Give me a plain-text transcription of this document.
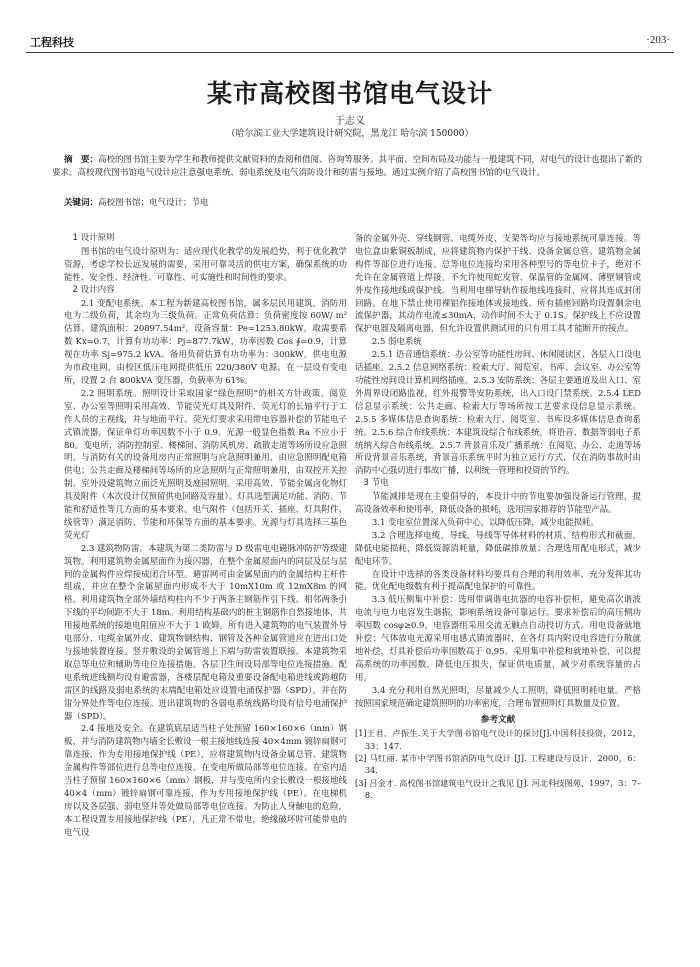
工程科技	·203·
某市高校图书馆电气设计
于志义
（哈尔滨工业大学建筑设计研究院，黑龙江 哈尔滨 150000）
摘　要：高校的图书馆主要为学生和教师提供文献资料的查阅和借阅、咨询等服务。其平面、空间布局及功能与一般建筑不同，对电气的设计也提出了新的要求。高校现代图书馆电气设计应注意强电系统、弱电系统及电气消防设计和防雷与接地。通过实例介绍了高校图书馆的电气设计。
关键词：高校图书馆；电气设计；节电

1 设计原则

图书馆的电气设计原则为：适应现代化教学的发展趋势，利于优化教学资源，考虑学校长远发展的需要，采用可靠灵活的供电方案，确保系统的功能性、安全性、经济性、可靠性、可实施性和时间性的要求。

2 设计内容

2.1 变配电系统。本工程为新建高校图书馆，属多层民用建筑，消防用电为二级负荷，其余均为三级负荷。正常负荷估算：负荷密度按 60W/ m² 估算，建筑面积：20897.54m²，设备容量：Pe=1253.80kW，取需要系数 Kx=0.7，计算有功功率：Pj=877.7kW，功率因数 Cos ∮=0.9，计算视在功率 Sj=975.2 kVA。备用负荷估算有功功率为：300kW。供电电源为市政电网，由校区低压电网提供低压 220/380V 电源。在一层设有变电所，设置 2 台 800kVA 变压器，负载率为 61%。

2.2 照明系统。照明设计采取国家“绿色照明”的相关方针政策，阅览室、办公室等照明采用高效、节能荧光灯具及附件，荧光灯的长轴平行于工作人员的主视线，并与地面平行。荧光灯要求采用带电容器补偿的节能电子式镇流器，保证单灯功率因数不小于 0.9。光源一般显色指数 Ra 不应小于 80。变电所、消防控制室、楼梯间、消防风机房、疏散走道等场所设应急照明。与消防有关的设备用房内正常照明与应急照明兼用，由应急照明配电箱供电；公共走廊及楼梯间等场所的应急照明与正常照明兼用，由双控开关控制。室外设建筑物立面泛光照明及庭园照明。采用高效、节能金属卤化物灯具及附件（本次设计仅预留供电回路及容量）。灯具选型满足功能、消防、节能和舒适性等几方面的基本要求。电气附件（包括开关、插座、灯具附件、线管等）满足消防、节能和环保等方面的基本要求。光源与灯具选择三基色荧光灯

2.3 建筑物防雷。本建筑为第二类防雷与 D 级雷电电磁脉冲防护等级建筑物。利用建筑物金属屋面作为接闪器，在整个金属屋面内的同层及层与层间的金属构件应焊接成闭合环型。避雷网可由金属屋面内的金属结构主杆件组成，并应在整个金属屋面内形成不大于 10mX10m 或 12mX8m 的网格。利用建筑物全部外墙结构柱内不少于两条主钢筋作引下线。相邻两条引下线的平均间距不大于 18m。利用结构基础内的桩主钢筋作自然接地体，共用接地系统的接地电阻值应不大于 1 欧姆。所有进入建筑物的电气装置外导电部分、电缆金属外皮、建筑物钢结构、钢管及各种金属管道应在进出口处与接地装置连接。竖井敷设的金属管道上下端与防雷装置联接。本建筑物采取总等电位和辅助等电位连接措施。各层卫生间设局部等电位连接措施。配电系统进线侧均设有避雷器，各楼层配电箱及重要设备配电箱进线或跨越防雷区的线路及弱电系统的末端配电箱处应设置电涌保护器（SPD）。并在防雷分界处作等电位连接。进出建筑物的各弱电系统线路均设有信号电涌保护器（SPD）。

2.4 接地及安全。在建筑底层适当柱子处预留 160×160×6（mm）钢板，并与消防建筑物内墙全长敷设一根主接地线连接 40×4mm 镀锌扁钢可靠连接，作为专用接地保护线（PE），应将建筑物内设备金属总管、建筑物金属构件等部位进行总等电位连接，在变电所做局部等电位连接。在室内适当柱子预留 160×160×6（mm）钢板，并与变电所内全长敷设一根接地线 40×4（mm）镀锌扁钢可靠连接，作为专用接地保护线（PE）。在电梯机房以及各层强、弱电竖井等处做局部等电位连接。为防止人身触电的危险，本工程设置专用接地保护线（PE），凡正常不带电，绝缘破坏时可能带电的电气设

备的金属外壳、穿线钢管、电缆外皮、支架等均应与接地系统可靠连接。等电位盒由紫铜板制成，应将建筑物内保护干线、设备金属总管、建筑物金属构件等部位进行连接。总等电位连接均采用各种型号的等电位卡子，绝对不允许在金属管道上焊接。不允许使用蛇皮管、保温管的金属网、薄壁钢管或外皮作接地线或保护线。当利用电梯导轨作接地线连接时，应将其连成封闭回路。在地下禁止使用裸铝作接地体或接地线。所有插座回路均设置剩余电流保护器，其动作电流≤30mA，动作时间不大于 0.1S。保护线上不应设置保护电器及隔离电器，但允许设置供测试用的只有用工具才能断开的接点。

2.5 弱电系统

2.5.1 语音通信系统：办公室等功能性房间、休闲阅读区、各层入口设电话插座。2.5.2 信息网络系统：检索大厅、阅览室、书库、会议室、办公室等功能性房间设计算机网络插座。2.5.3 安防系统：各层主要通道及出入口、室外周界设闭路监视，红外报警等安防系统，出入口设门禁系统。2.5.4 LED 信息显示系统：公共走廊、检索大厅等场所按工艺要求设信息显示系统。2.5.5 多媒体信息查询系统：检索大厅、阅览室、书库设多媒体信息查询系统。2.5.6 综合布线系统：本建筑设综合布线系统，将语音、数据等弱电子系统纳入综合布线系统。2.5.7 背景音乐及广播系统：在阅览、办公、走道等场所设背景音乐系统，背景音乐系统平时为独立运行方式，仅在消防事故时由消防中心强切进行事故广播，以利统一管理和投资的节约。

3 节电

节能减排是现在主要倡导的，本设计中的节电要加强设备运行管理，提高设备效率和使用率，降低设备的损耗，选用国家推荐的节能型产品。

3.1 变电室位置深入负荷中心，以降低压降，减少电能损耗。

3.2 合理选择电缆，导线，导线等导体材料的材质、结构形式和截面，降低电能损耗，降低资源消耗量，降低碳排放量；合理选用配电形式，减少配电环节。

在设计中选择的各类设备材料均要具有合理的利用效率、充分发挥其功能。优化配电级数有利于提高配电保护的可靠性。

3.3 低压侧集中补偿：选用带调谐电抗器的电容补偿柜，避免高次谐波电流与电力电容发生谐振，影响系统设备可靠运行。要求补偿后的高压侧功率因数 cosφ≥0.9，电容器组采用交流无触点自动投切方式。用电设备就地补偿：气体放电光源采用电感式镇流器时，在各灯具内附设电容进行分散就地补偿，灯具补偿后功率因数高于 0.95。采用集中补偿和就地补偿，可以提高系统的功率因数，降低电压损失，保证供电质量，减少对系统容量的占用。

3.4 充分利用自然光照明，尽量减少人工照明，降低照明耗电量。严格按照国家规范确定建筑照明的功率密度，合理布置照明灯具数量及位置。

参考文献

[1]王君，卢振生.关于大学图书馆电气设计的探讨[J].中国科技投资，2012，33：147.

[2] 马红丽. 某市中学图书馆消防电气设计 [J]. 工程建设与设计，2000，6：34.

[3] 吕金才. 高校图书馆建筑电气设计之我见 [J]. 河北科技图苑，1997，3：7–8.
